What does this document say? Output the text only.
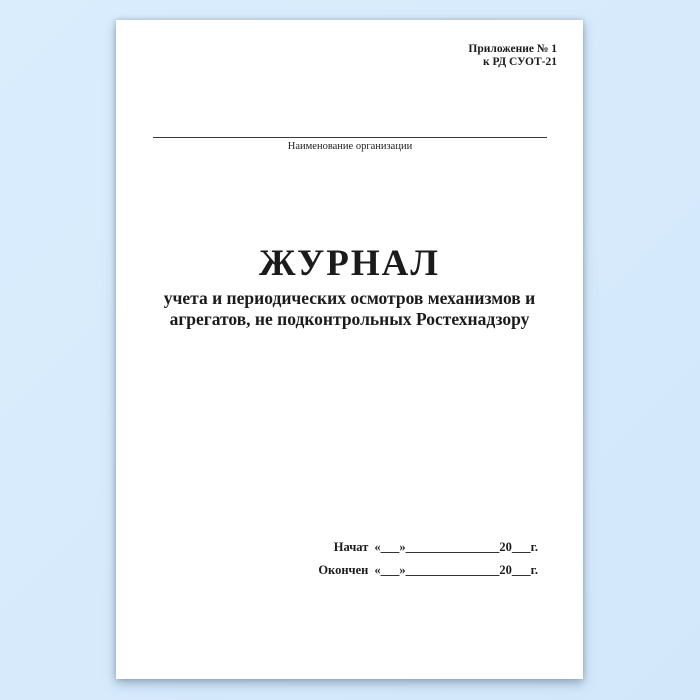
Приложение № 1
к РД СУОТ-21
Наименование организации
ЖУРНАЛ
учета и периодических осмотров механизмов и
агрегатов, не подконтрольных Ростехнадзору
Начат «___»_______________20___г.
Окончен «___»_______________20___г.
